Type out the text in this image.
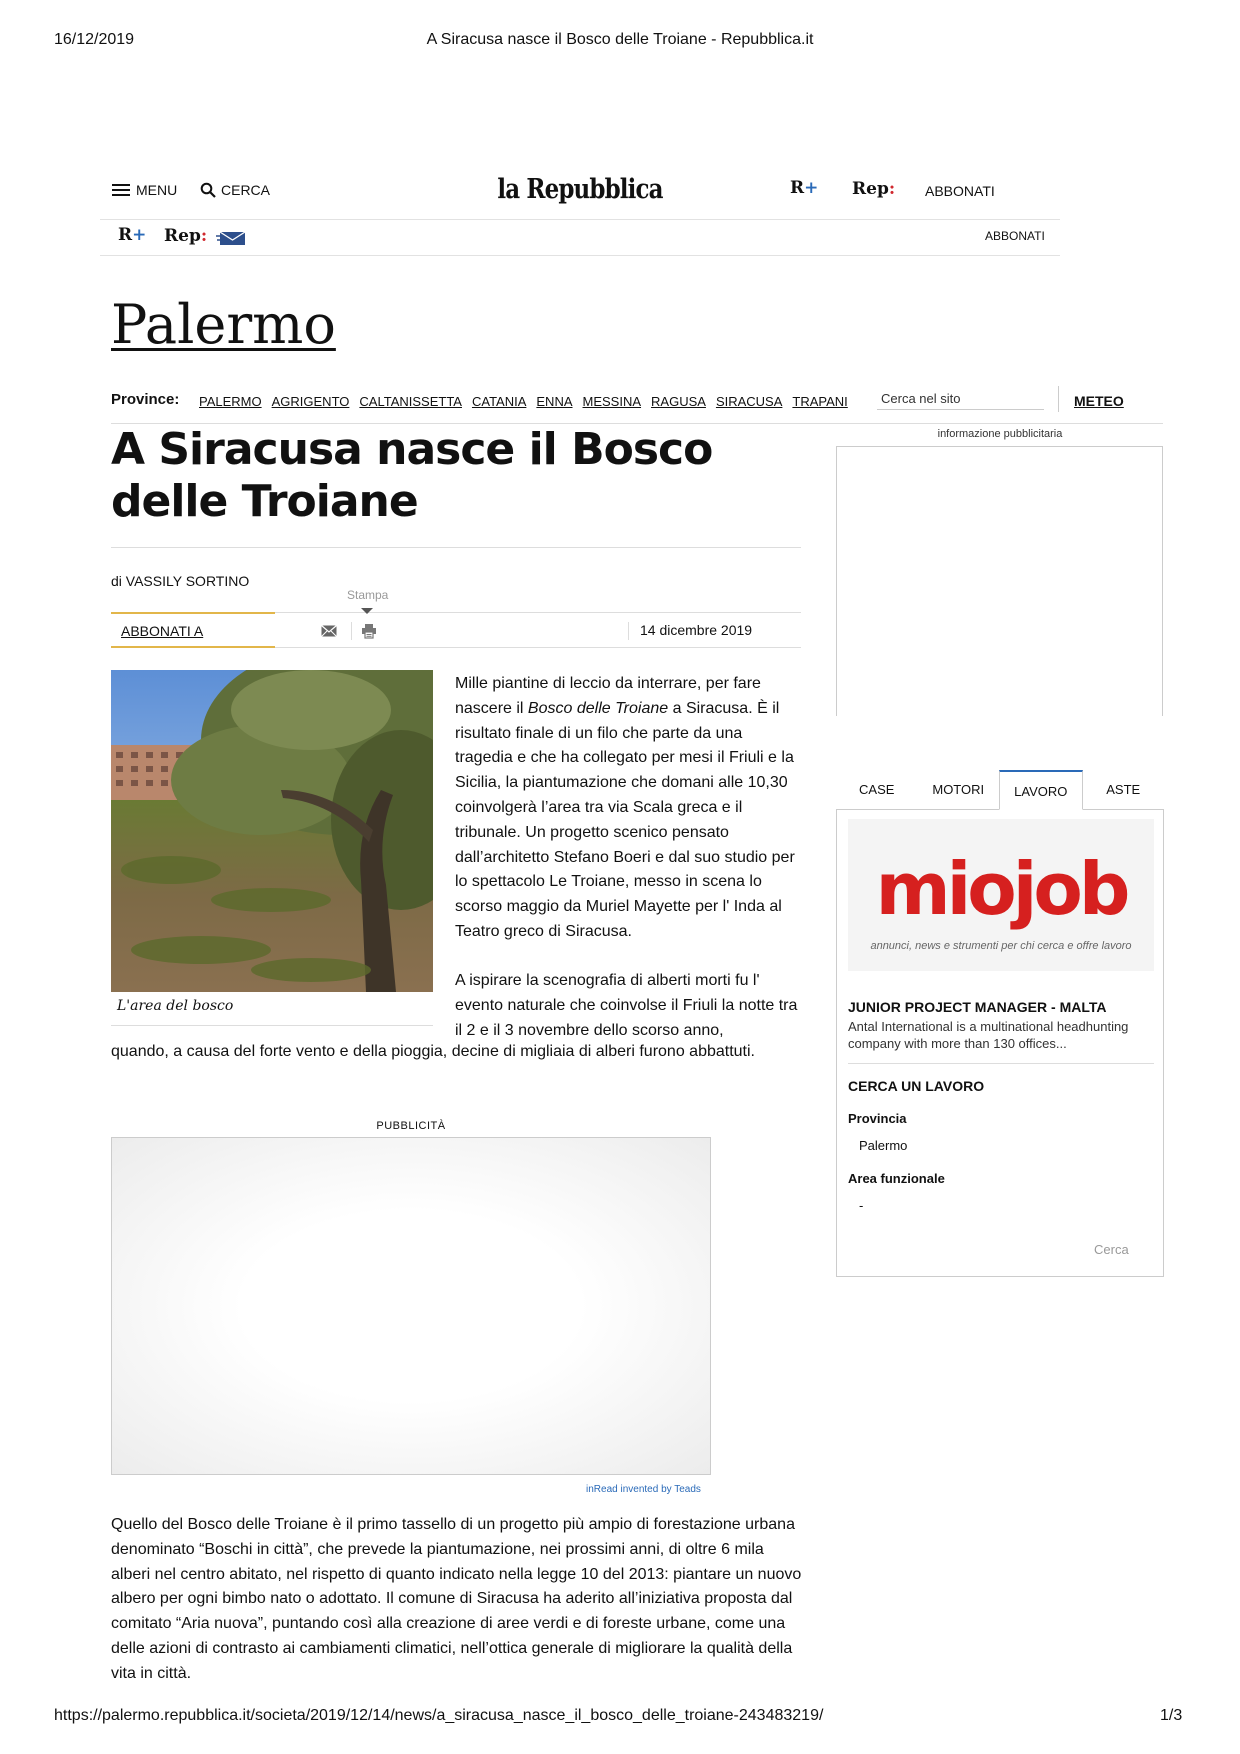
16/12/2019	A Siracusa nasce il Bosco delle Troiane - Repubblica.it
MENU	CERCA	la Repubblica	R+ Rep: ABBONATI
R+ Rep:	ABBONATI
Palermo
Province: PALERMO AGRIGENTO CALTANISSETTA CATANIA ENNA MESSINA RAGUSA SIRACUSA TRAPANI
Cerca nel sito	METEO
A Siracusa nasce il Bosco delle Troiane
di VASSILY SORTINO
ABBONATI A
Stampa
14 dicembre 2019
L'area del bosco

Mille piantine di leccio da interrare, per fare nascere il Bosco delle Troiane a Siracusa. È il risultato finale di un filo che parte da una tragedia e che ha collegato per mesi il Friuli e la Sicilia, la piantumazione che domani alle 10,30 coinvolgerà l’area tra via Scala greca e il tribunale. Un progetto scenico pensato dall’architetto Stefano Boeri e dal suo studio per lo spettacolo Le Troiane, messo in scena lo scorso maggio da Muriel Mayette per l' Inda al Teatro greco di Siracusa.

A ispirare la scenografia di alberti morti fu l' evento naturale che coinvolse il Friuli la notte tra il 2 e il 3 novembre dello scorso anno,

quando, a causa del forte vento e della pioggia, decine di migliaia di alberi furono abbattuti.
PUBBLICITÀ
inRead invented by Teads
Quello del Bosco delle Troiane è il primo tassello di un progetto più ampio di forestazione urbana denominato “Boschi in città”, che prevede la piantumazione, nei prossimi anni, di oltre 6 mila alberi nel centro abitato, nel rispetto di quanto indicato nella legge 10 del 2013: piantare un nuovo albero per ogni bimbo nato o adottato. Il comune di Siracusa ha aderito all’iniziativa proposta dal comitato “Aria nuova”, puntando così alla creazione di aree verdi e di foreste urbane, come una delle azioni di contrasto ai cambiamenti climatici, nell’ottica generale di migliorare la qualità della vita in città.
informazione pubblicitaria
CASE	MOTORI	LAVORO	ASTE
miojob
annunci, news e strumenti per chi cerca e offre lavoro
JUNIOR PROJECT MANAGER - MALTA
Antal International is a multinational headhunting company with more than 130 offices...
CERCA UN LAVORO
Provincia
Palermo
Area funzionale
-
Cerca
https://palermo.repubblica.it/societa/2019/12/14/news/a_siracusa_nasce_il_bosco_delle_troiane-243483219/	1/3
